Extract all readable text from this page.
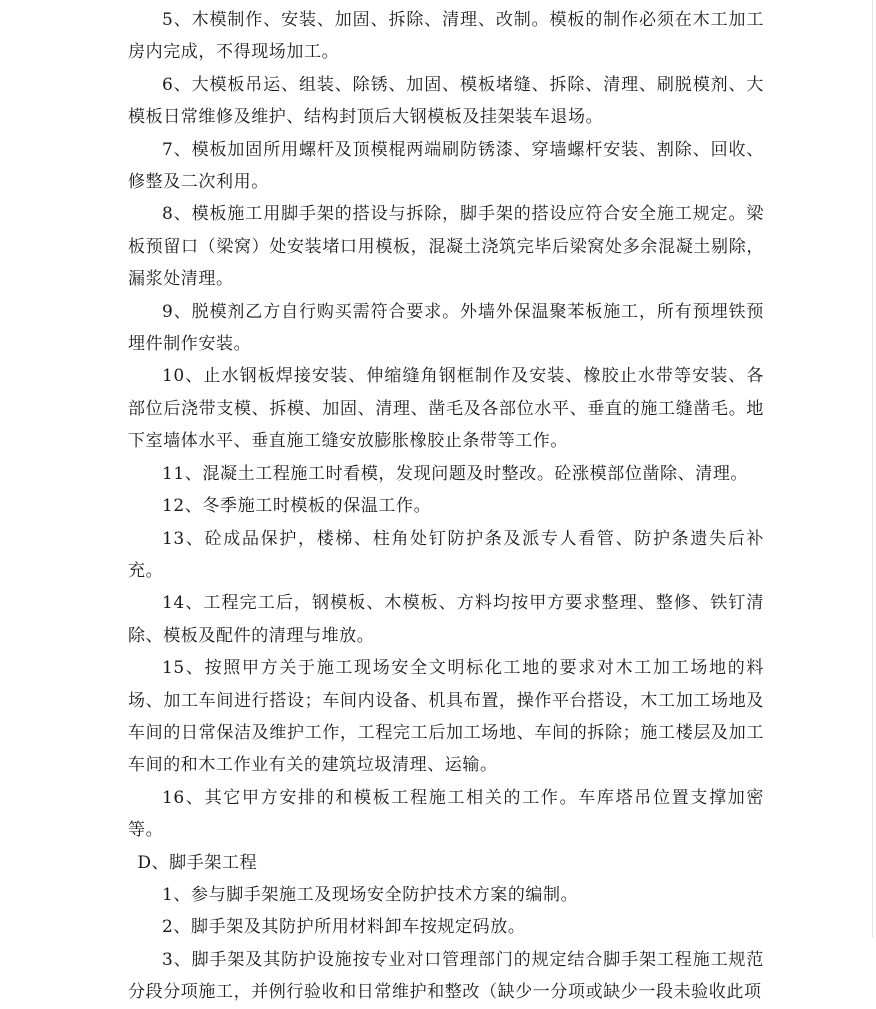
5、木模制作、安装、加固、拆除、清理、改制。模板的制作必须在木工加工房内完成，不得现场加工。

6、大模板吊运、组装、除锈、加固、模板堵缝、拆除、清理、刷脱模剂、大模板日常维修及维护、结构封顶后大钢模板及挂架装车退场。

7、模板加固所用螺杆及顶模棍两端刷防锈漆、穿墙螺杆安装、割除、回收、修整及二次利用。

8、模板施工用脚手架的搭设与拆除，脚手架的搭设应符合安全施工规定。梁板预留口（梁窝）处安装堵口用模板，混凝土浇筑完毕后梁窝处多余混凝土剔除，漏浆处清理。

9、脱模剂乙方自行购买需符合要求。外墙外保温聚苯板施工，所有预埋铁预埋件制作安装。

10、止水钢板焊接安装、伸缩缝角钢框制作及安装、橡胶止水带等安装、各部位后浇带支模、拆模、加固、清理、凿毛及各部位水平、垂直的施工缝凿毛。地下室墙体水平、垂直施工缝安放膨胀橡胶止条带等工作。

11、混凝土工程施工时看模，发现问题及时整改。砼涨模部位凿除、清理。

12、冬季施工时模板的保温工作。

13、砼成品保护，楼梯、柱角处钉防护条及派专人看管、防护条遗失后补充。

14、工程完工后，钢模板、木模板、方料均按甲方要求整理、整修、铁钉清除、模板及配件的清理与堆放。

15、按照甲方关于施工现场安全文明标化工地的要求对木工加工场地的料场、加工车间进行搭设；车间内设备、机具布置，操作平台搭设，木工加工场地及车间的日常保洁及维护工作，工程完工后加工场地、车间的拆除；施工楼层及加工车间的和木工作业有关的建筑垃圾清理、运输。

16、其它甲方安排的和模板工程施工相关的工作。车库塔吊位置支撑加密等。

D、脚手架工程

1、参与脚手架施工及现场安全防护技术方案的编制。

2、脚手架及其防护所用材料卸车按规定码放。

3、脚手架及其防护设施按专业对口管理部门的规定结合脚手架工程施工规范分段分项施工，并例行验收和日常维护和整改（缺少一分项或缺少一段未验收此项
